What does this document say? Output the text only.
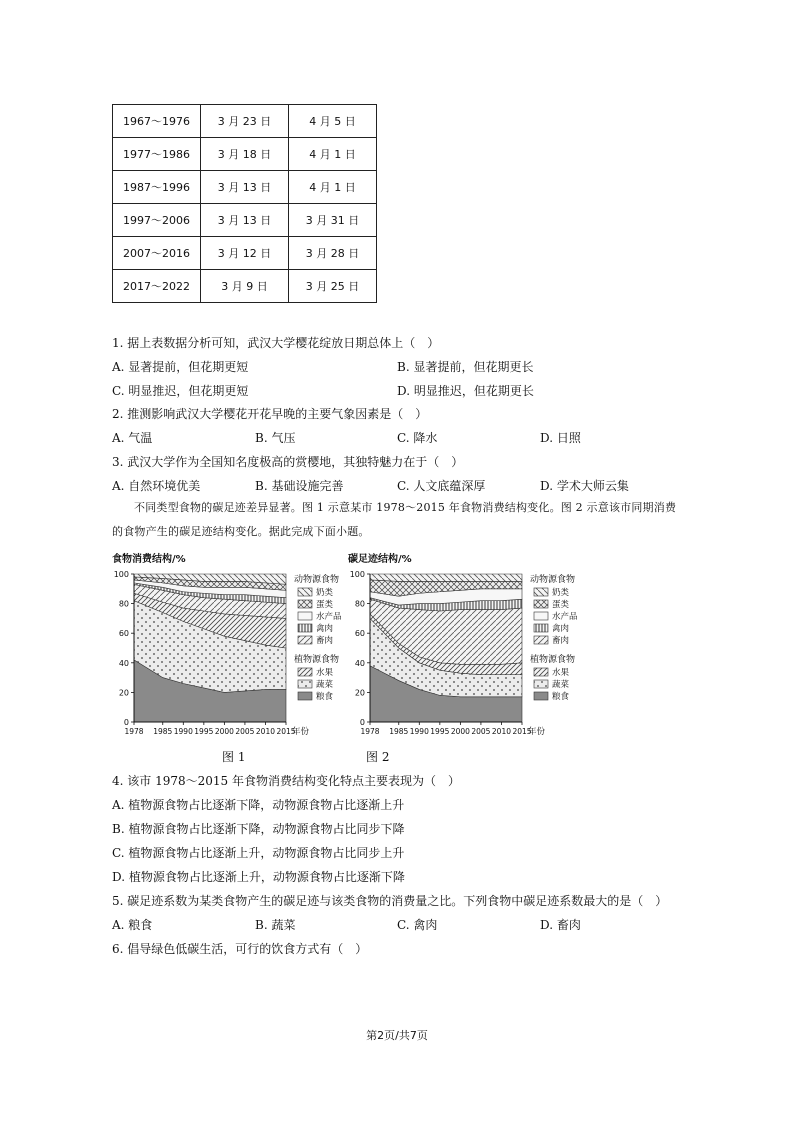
1967～1976	3 月 23 日	4 月 5 日
1977～1986	3 月 18 日	4 月 1 日
1987～1996	3 月 13 日	4 月 1 日
1997～2006	3 月 13 日	3 月 31 日
2007～2016	3 月 12 日	3 月 28 日
2017～2022	3 月 9 日	3 月 25 日
1. 据上表数据分析可知，武汉大学樱花绽放日期总体上（　）
A. 显著提前，但花期更短	B. 显著提前，但花期更长
C. 明显推迟，但花期更短	D. 明显推迟，但花期更长
2. 推测影响武汉大学樱花开花早晚的主要气象因素是（　）
A. 气温	B. 气压	C. 降水	D. 日照
3. 武汉大学作为全国知名度极高的赏樱地，其独特魅力在于（　）
A. 自然环境优美	B. 基础设施完善	C. 人文底蕴深厚	D. 学术大师云集
不同类型食物的碳足迹差异显著。图 1 示意某市 1978～2015 年食物消费结构变化。图 2 示意该市同期消费的食物产生的碳足迹结构变化。据此完成下面小题。
食物消费结构/%
0
20
40
60
80
100
1978 1985 1990 1995 2000 2005 2010 2015
年份
动物源食物
奶类
蛋类
水产品
禽肉
畜肉
植物源食物
水果
蔬菜
粮食
碳足迹结构/%
0
20
40
60
80
100
1978 1985 1990 1995 2000 2005 2010 2015
年份
动物源食物
奶类
蛋类
水产品
禽肉
畜肉
植物源食物
水果
蔬菜
粮食
图 1	图 2
4. 该市 1978～2015 年食物消费结构变化特点主要表现为（　）
A. 植物源食物占比逐渐下降，动物源食物占比逐渐上升
B. 植物源食物占比逐渐下降，动物源食物占比同步下降
C. 植物源食物占比逐渐上升，动物源食物占比同步上升
D. 植物源食物占比逐渐上升，动物源食物占比逐渐下降
5. 碳足迹系数为某类食物产生的碳足迹与该类食物的消费量之比。下列食物中碳足迹系数最大的是（　）
A. 粮食	B. 蔬菜	C. 禽肉	D. 畜肉
6. 倡导绿色低碳生活，可行的饮食方式有（　）
第2页/共7页
